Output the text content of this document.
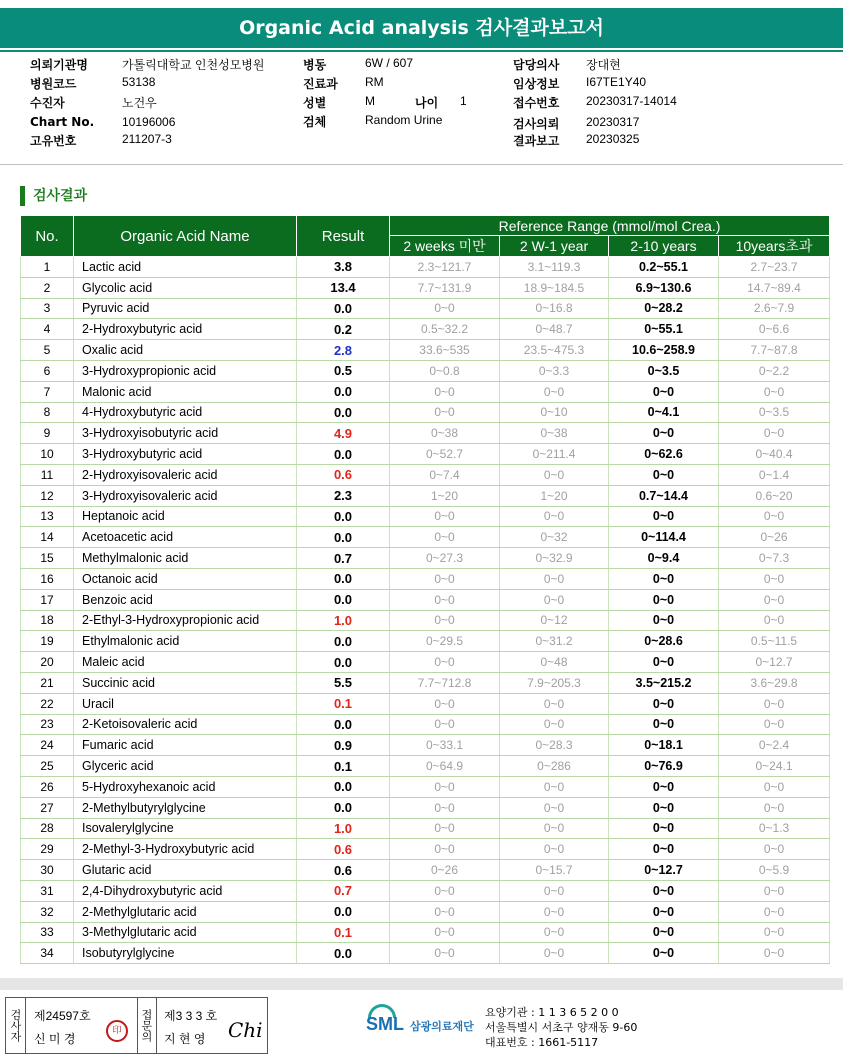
Organic Acid analysis 검사결과보고서
의뢰기관명	가톨릭대학교 인천성모병원
병원코드	53138
수진자	노건우
Chart No. 10196006
고유번호	211207-3
병동	6W / 607
진료과 RM
성별	M	나이 1
검체	Random Urine
담당의사 장대현
임상정보 I67TE1Y40
접수번호 20230317-14014
검사의뢰 20230317
결과보고 20230325
검사결과
No.	Organic Acid Name	Result	Reference Range (mmol/mol Crea.)			
			2 weeks 미만	2 W-1 year	2-10 years	10years초과
1	Lactic acid	3.8	2.3~121.7	3.1~119.3	0.2~55.1	2.7~23.7
2	Glycolic acid	13.4	7.7~131.9	18.9~184.5	6.9~130.6	14.7~89.4
3	Pyruvic acid	0.0	0~0	0~16.8	0~28.2	2.6~7.9
4	2-Hydroxybutyric acid	0.2	0.5~32.2	0~48.7	0~55.1	0~6.6
5	Oxalic acid	2.8	33.6~535	23.5~475.3	10.6~258.9	7.7~87.8
6	3-Hydroxypropionic acid	0.5	0~0.8	0~3.3	0~3.5	0~2.2
7	Malonic acid	0.0	0~0	0~0	0~0	0~0
8	4-Hydroxybutyric acid	0.0	0~0	0~10	0~4.1	0~3.5
9	3-Hydroxyisobutyric acid	4.9	0~38	0~38	0~0	0~0
10	3-Hydroxybutyric acid	0.0	0~52.7	0~211.4	0~62.6	0~40.4
11	2-Hydroxyisovaleric acid	0.6	0~7.4	0~0	0~0	0~1.4
12	3-Hydroxyisovaleric acid	2.3	1~20	1~20	0.7~14.4	0.6~20
13	Heptanoic acid	0.0	0~0	0~0	0~0	0~0
14	Acetoacetic acid	0.0	0~0	0~32	0~114.4	0~26
15	Methylmalonic acid	0.7	0~27.3	0~32.9	0~9.4	0~7.3
16	Octanoic acid	0.0	0~0	0~0	0~0	0~0
17	Benzoic acid	0.0	0~0	0~0	0~0	0~0
18	2-Ethyl-3-Hydroxypropionic acid	1.0	0~0	0~12	0~0	0~0
19	Ethylmalonic acid	0.0	0~29.5	0~31.2	0~28.6	0.5~11.5
20	Maleic acid	0.0	0~0	0~48	0~0	0~12.7
21	Succinic acid	5.5	7.7~712.8	7.9~205.3	3.5~215.2	3.6~29.8
22	Uracil	0.1	0~0	0~0	0~0	0~0
23	2-Ketoisovaleric acid	0.0	0~0	0~0	0~0	0~0
24	Fumaric acid	0.9	0~33.1	0~28.3	0~18.1	0~2.4
25	Glyceric acid	0.1	0~64.9	0~286	0~76.9	0~24.1
26	5-Hydroxyhexanoic acid	0.0	0~0	0~0	0~0	0~0
27	2-Methylbutyrylglycine	0.0	0~0	0~0	0~0	0~0
28	Isovalerylglycine	1.0	0~0	0~0	0~0	0~1.3
29	2-Methyl-3-Hydroxybutyric acid	0.6	0~0	0~0	0~0	0~0
30	Glutaric acid	0.6	0~26	0~15.7	0~12.7	0~5.9
31	2,4-Dihydroxybutyric acid	0.7	0~0	0~0	0~0	0~0
32	2-Methylglutaric acid	0.0	0~0	0~0	0~0	0~0
33	3-Methylglutaric acid	0.1	0~0	0~0	0~0	0~0
34	Isobutyrylglycine	0.0	0~0	0~0	0~0	0~0
검사자	제24597호
신 미 경
印	접문의 제3 3 3 호
지 현 영 Chi	SML 삼광의료재단
요양기관 : 1 1 3 6 5 2 0 0
서울특별시 서초구 양재동 9-60
대표번호 : 1661-5117
